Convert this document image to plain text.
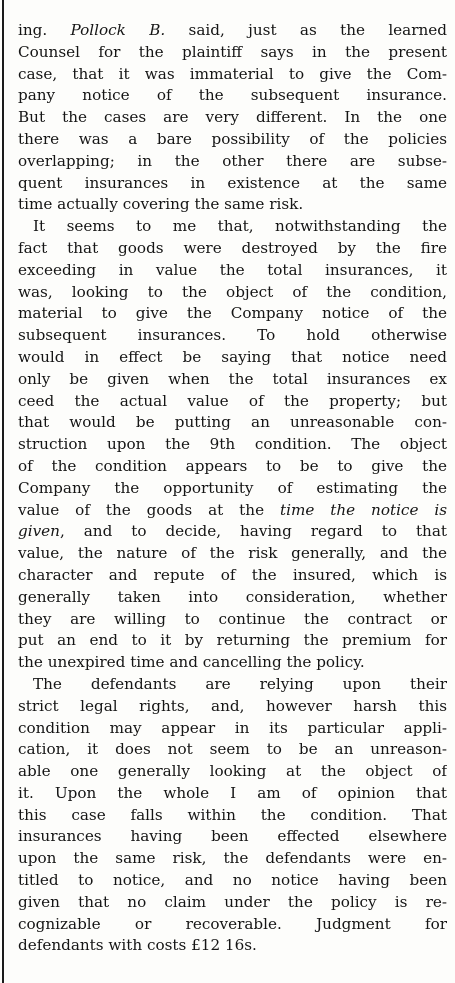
ing. Pollock B. said, just as the learned
Counsel for the plaintiff says in the present
case, that it was immaterial to give the Com-
pany notice of the subsequent insurance.
But the cases are very different. In the one
there was a bare possibility of the policies
overlapping; in the other there are subse-
quent insurances in existence at the same
time actually covering the same risk.
It seems to me that, notwithstanding the
fact that goods were destroyed by the fire
exceeding in value the total insurances, it
was, looking to the object of the condition,
material to give the Company notice of the
subsequent insurances. To hold otherwise
would in effect be saying that notice need
only be given when the total insurances ex
ceed the actual value of the property; but
that would be putting an unreasonable con-
struction upon the 9th condition. The object
of the condition appears to be to give the
Company the opportunity of estimating the
value of the goods at the time the notice is
given, and to decide, having regard to that
value, the nature of the risk generally, and the
character and repute of the insured, which is
generally taken into consideration, whether
they are willing to continue the contract or
put an end to it by returning the premium for
the unexpired time and cancelling the policy.
The defendants are relying upon their
strict legal rights, and, however harsh this
condition may appear in its particular appli-
cation, it does not seem to be an unreason-
able one generally looking at the object of
it. Upon the whole I am of opinion that
this case falls within the condition. That
insurances having been effected elsewhere
upon the same risk, the defendants were en-
titled to notice, and no notice having been
given that no claim under the policy is re-
cognizable or recoverable. Judgment for
defendants with costs £12 16s.
